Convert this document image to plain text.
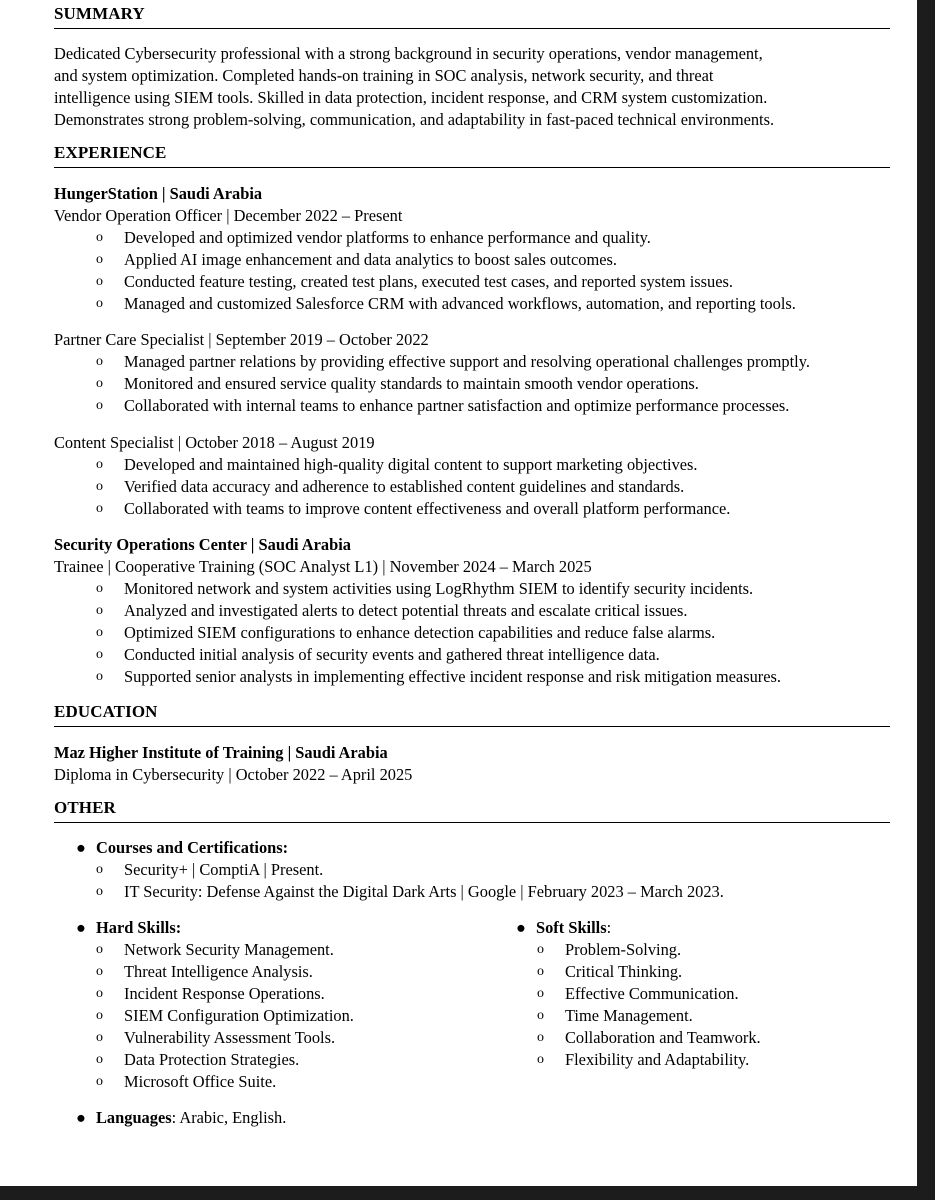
SUMMARY
Dedicated Cybersecurity professional with a strong background in security operations, vendor management,
and system optimization. Completed hands-on training in SOC analysis, network security, and threat
intelligence using SIEM tools. Skilled in data protection, incident response, and CRM system customization.
Demonstrates strong problem-solving, communication, and adaptability in fast-paced technical environments.
EXPERIENCE
HungerStation | Saudi Arabia
Vendor Operation Officer | December 2022 – Present
o Developed and optimized vendor platforms to enhance performance and quality.
o Applied AI image enhancement and data analytics to boost sales outcomes.
o Conducted feature testing, created test plans, executed test cases, and reported system issues.
o Managed and customized Salesforce CRM with advanced workflows, automation, and reporting tools.
Partner Care Specialist | September 2019 – October 2022
o Managed partner relations by providing effective support and resolving operational challenges promptly.
o Monitored and ensured service quality standards to maintain smooth vendor operations.
o Collaborated with internal teams to enhance partner satisfaction and optimize performance processes.
Content Specialist | October 2018 – August 2019
o Developed and maintained high-quality digital content to support marketing objectives.
o Verified data accuracy and adherence to established content guidelines and standards.
o Collaborated with teams to improve content effectiveness and overall platform performance.
Security Operations Center | Saudi Arabia
Trainee | Cooperative Training (SOC Analyst L1) | November 2024 – March 2025
o Monitored network and system activities using LogRhythm SIEM to identify security incidents.
o Analyzed and investigated alerts to detect potential threats and escalate critical issues.
o Optimized SIEM configurations to enhance detection capabilities and reduce false alarms.
o Conducted initial analysis of security events and gathered threat intelligence data.
o Supported senior analysts in implementing effective incident response and risk mitigation measures.
EDUCATION
Maz Higher Institute of Training | Saudi Arabia
Diploma in Cybersecurity | October 2022 – April 2025
OTHER
● Courses and Certifications:
o Security+ | ComptiA | Present.
o IT Security: Defense Against the Digital Dark Arts | Google | February 2023 – March 2023.
● Hard Skills:
o Network Security Management.
o Threat Intelligence Analysis.
o Incident Response Operations.
o SIEM Configuration Optimization.
o Vulnerability Assessment Tools.
o Data Protection Strategies.
o Microsoft Office Suite.
● Soft Skills:
o Problem-Solving.
o Critical Thinking.
o Effective Communication.
o Time Management.
o Collaboration and Teamwork.
o Flexibility and Adaptability.
● Languages: Arabic, English.
